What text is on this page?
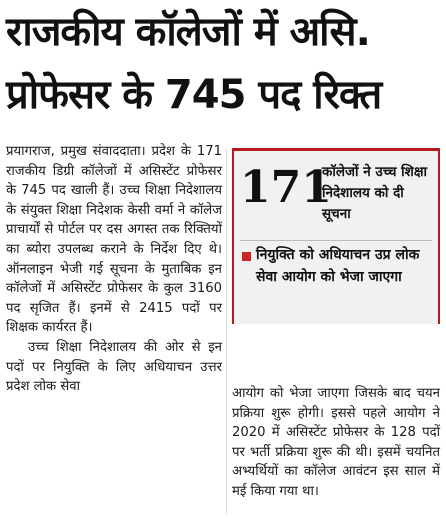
राजकीय कॉलेजों में असि.
प्रोफेसर के 745 पद रिक्त

प्रयागराज, प्रमुख संवाददाता। प्रदेश के 171 राजकीय डिग्री कॉलेजों में असिस्टेंट प्रोफेसर के 745 पद खाली हैं। उच्च शिक्षा निदेशालय के संयुक्त शिक्षा निदेशक केसी वर्मा ने कॉलेज प्राचार्यों से पोर्टल पर दस अगस्त तक रिक्तियों का ब्योरा उपलब्ध कराने के निर्देश दिए थे। ऑनलाइन भेजी गई सूचना के मुताबिक इन कॉलेजों में असिस्टेंट प्रोफेसर के कुल 3160 पद सृजित हैं। इनमें से 2415 पदों पर शिक्षक कार्यरत हैं।

उच्च शिक्षा निदेशालय की ओर से इन पदों पर नियुक्ति के लिए अधियाचन उत्तर प्रदेश लोक सेवा

171
कॉलेजों ने उच्च शिक्षा निदेशालय को दी सूचना
नियुक्ति को अधियाचन उप्र लोक सेवा आयोग को भेजा जाएगा

आयोग को भेजा जाएगा जिसके बाद चयन प्रक्रिया शुरू होगी। इससे पहले आयोग ने 2020 में असिस्टेंट प्रोफेसर के 128 पदों पर भर्ती प्रक्रिया शुरू की थी। इसमें चयनित अभ्यर्थियों का कॉलेज आवंटन इस साल में मई किया गया था।
